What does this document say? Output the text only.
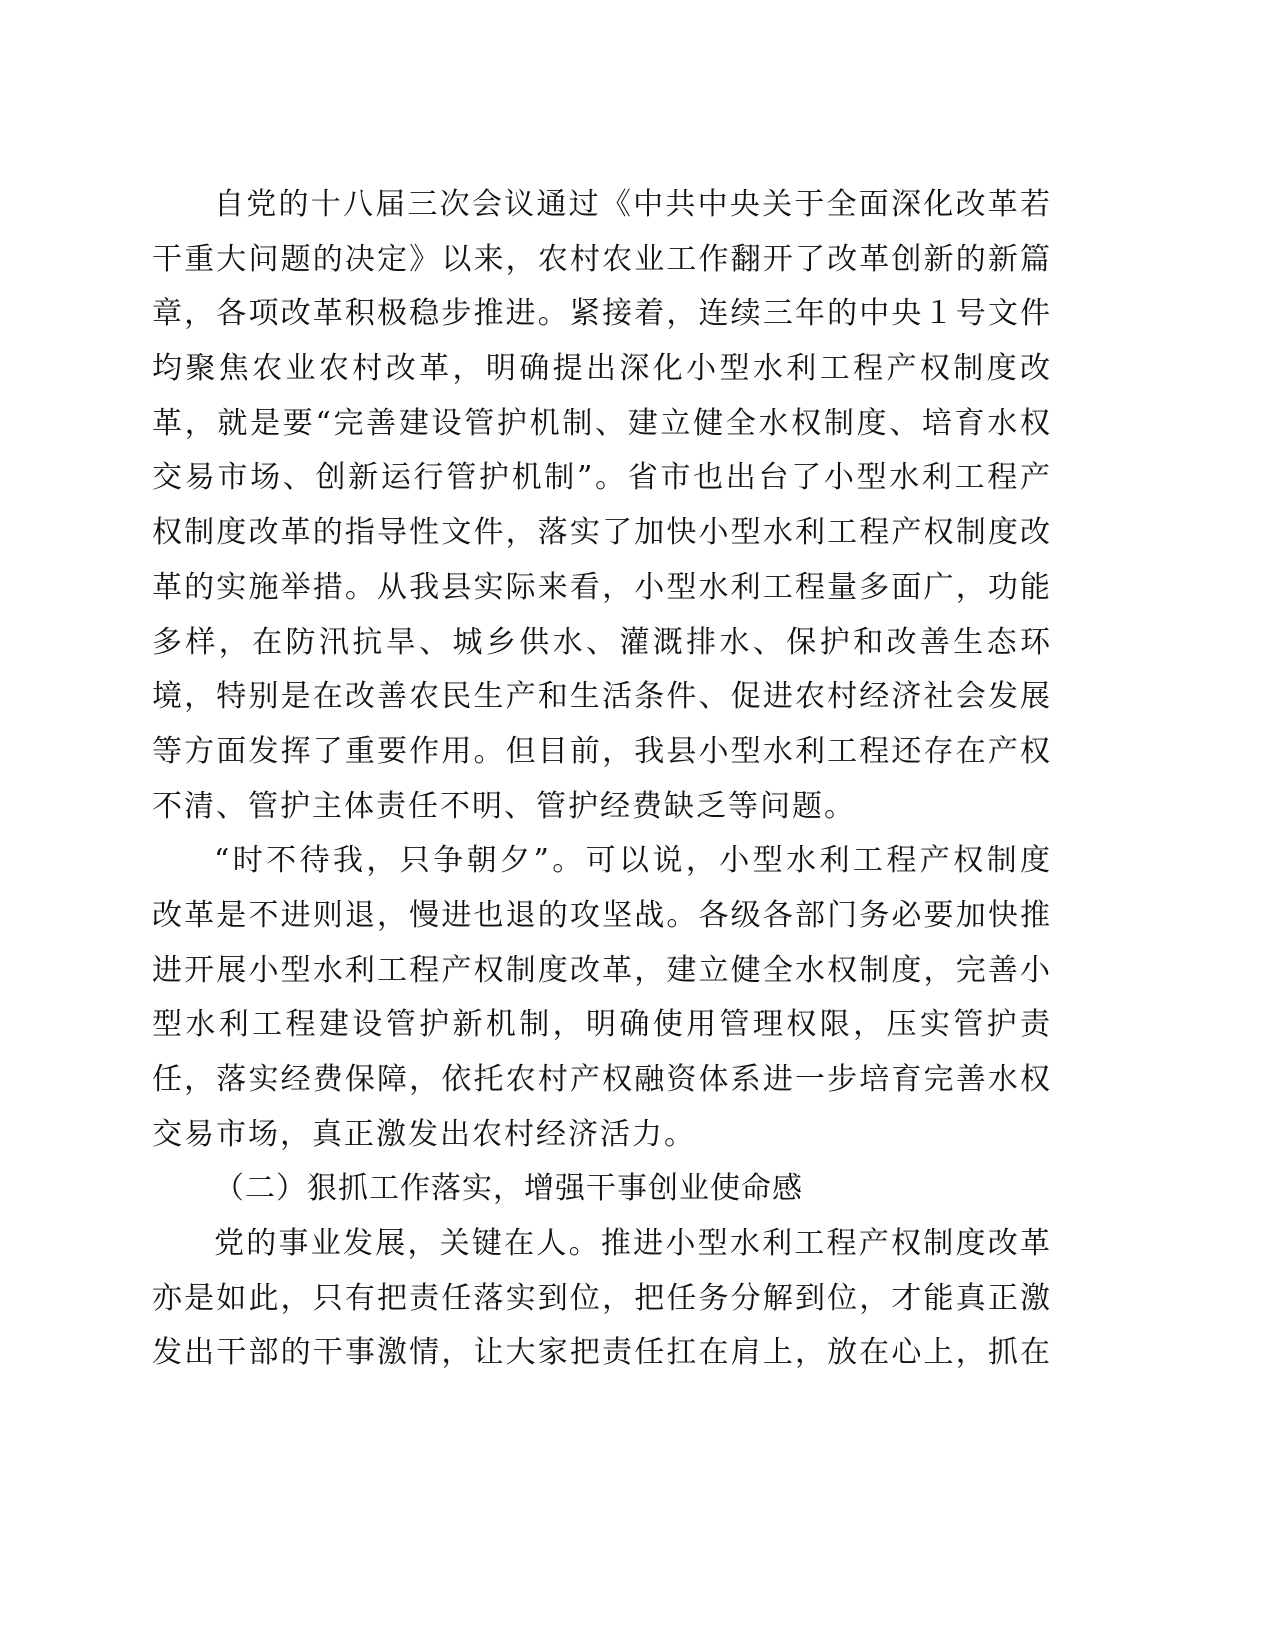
自党的十八届三次会议通过《中共中央关于全面深化改革若

干重大问题的决定》以来，农村农业工作翻开了改革创新的新篇

章，各项改革积极稳步推进。紧接着，连续三年的中央１号文件

均聚焦农业农村改革，明确提出深化小型水利工程产权制度改

革，就是要“完善建设管护机制、建立健全水权制度、培育水权

交易市场、创新运行管护机制”。省市也出台了小型水利工程产

权制度改革的指导性文件，落实了加快小型水利工程产权制度改

革的实施举措。从我县实际来看，小型水利工程量多面广，功能

多样，在防汛抗旱、城乡供水、灌溉排水、保护和改善生态环

境，特别是在改善农民生产和生活条件、促进农村经济社会发展

等方面发挥了重要作用。但目前，我县小型水利工程还存在产权

不清、管护主体责任不明、管护经费缺乏等问题。

“时不待我，只争朝夕”。可以说，小型水利工程产权制度

改革是不进则退，慢进也退的攻坚战。各级各部门务必要加快推

进开展小型水利工程产权制度改革，建立健全水权制度，完善小

型水利工程建设管护新机制，明确使用管理权限，压实管护责

任，落实经费保障，依托农村产权融资体系进一步培育完善水权

交易市场，真正激发出农村经济活力。

（二）狠抓工作落实，增强干事创业使命感

党的事业发展，关键在人。推进小型水利工程产权制度改革

亦是如此，只有把责任落实到位，把任务分解到位，才能真正激

发出干部的干事激情，让大家把责任扛在肩上，放在心上，抓在
